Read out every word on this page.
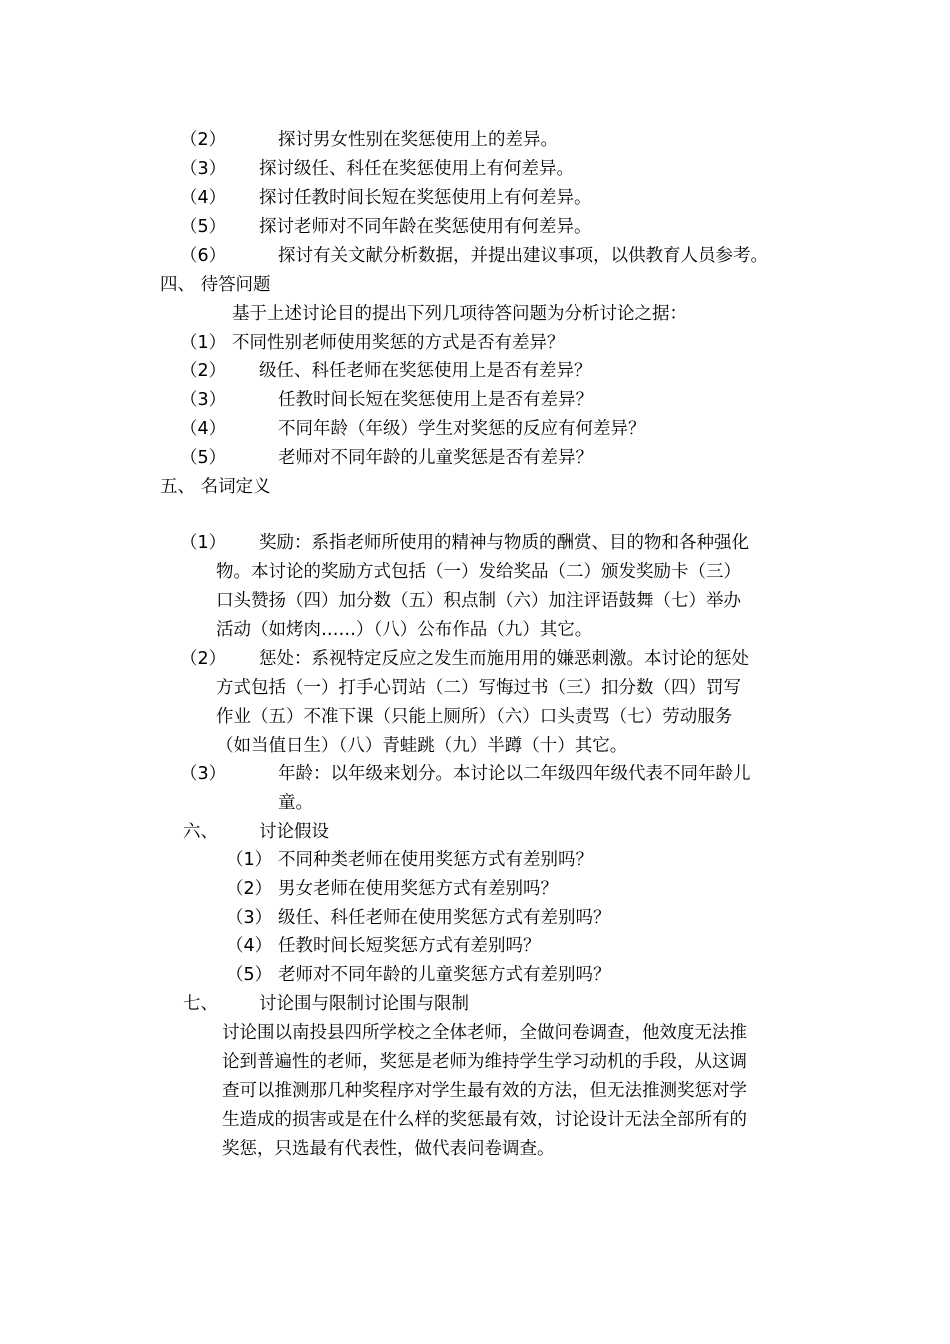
（2）	探讨男女性别在奖惩使用上的差异。
（3） 探讨级任、科任在奖惩使用上有何差异。
（4） 探讨任教时间长短在奖惩使用上有何差异。
（5） 探讨老师对不同年龄在奖惩使用有何差异。
（6）	探讨有关文献分析数据，并提出建议事项，以供教育人员参考。
四、 待答问题
基于上述讨论目的提出下列几项待答问题为分析讨论之据：
（1） 不同性别老师使用奖惩的方式是否有差异？
（2） 级任、科任老师在奖惩使用上是否有差异？
（3）	任教时间长短在奖惩使用上是否有差异？
（4）	不同年龄（年级）学生对奖惩的反应有何差异？
（5）	老师对不同年龄的儿童奖惩是否有差异？
五、 名词定义
（1） 奖励：系指老师所使用的精神与物质的酬赏、目的物和各种强化
物。本讨论的奖励方式包括（一）发给奖品（二）颁发奖励卡（三）
口头赞扬（四）加分数（五）积点制（六）加注评语鼓舞（七）举办
活动（如烤肉……）（八）公布作品（九）其它。
（2） 惩处：系视特定反应之发生而施用用的嫌恶刺激。本讨论的惩处
方式包括（一）打手心罚站（二）写悔过书（三）扣分数（四）罚写
作业（五）不准下课（只能上厕所）（六）口头责骂（七）劳动服务
（如当值日生）（八）青蛙跳（九）半蹲（十）其它。
（3）	年龄：以年级来划分。本讨论以二年级四年级代表不同年龄儿
童。
六、 讨论假设
（1） 不同种类老师在使用奖惩方式有差别吗？
（2） 男女老师在使用奖惩方式有差别吗？
（3） 级任、科任老师在使用奖惩方式有差别吗？
（4） 任教时间长短奖惩方式有差别吗？
（5） 老师对不同年龄的儿童奖惩方式有差别吗？
七、 讨论围与限制讨论围与限制
讨论围以南投县四所学校之全体老师，全做问卷调查，他效度无法推
论到普遍性的老师，奖惩是老师为维持学生学习动机的手段，从这调
查可以推测那几种奖程序对学生最有效的方法，但无法推测奖惩对学
生造成的损害或是在什么样的奖惩最有效，讨论设计无法全部所有的
奖惩，只选最有代表性，做代表问卷调查。
